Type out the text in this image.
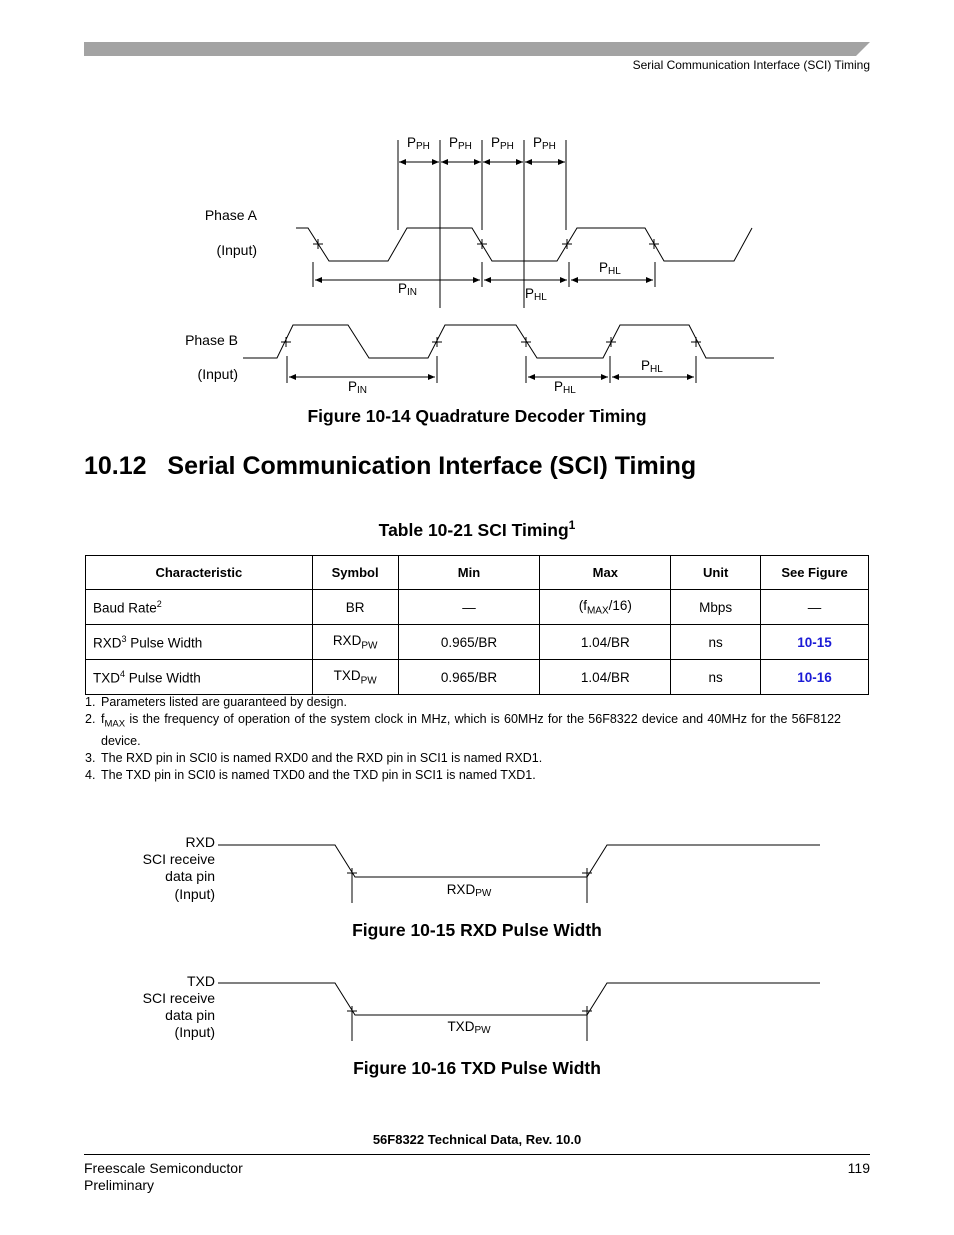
Serial Communication Interface (SCI) Timing
Phase A
(Input)
Phase B
(Input)
PPH PPH PPH PPH
PIN	PHL
PHL
PIN	PHL
PHL
Figure 10-14 Quadrature Decoder Timing
10.12   Serial Communication Interface (SCI) Timing
Table 10-21 SCI Timing$^1$
Characteristic	Symbol	Min	Max	Unit	See Figure
Baud Rate$^2$	BR	—	$(f_{MAX}/16)$	Mbps	—
RXD$^3$ Pulse Width	$RXD_{PW}$	0.965/BR	1.04/BR	ns	10-15
TXD$^4$ Pulse Width	$TXD_{PW}$	0.965/BR	1.04/BR	ns	10-16
1. Parameters listed are guaranteed by design.
2. $f_{MAX}$ is the frequency of operation of the system clock in MHz, which is 60MHz for the 56F8322 device and 40MHz for the 56F8122 device.
3. The RXD pin in SCI0 is named RXD0 and the RXD pin in SCI1 is named RXD1.
4. The TXD pin in SCI0 is named TXD0 and the TXD pin in SCI1 is named TXD1.
RXD
SCI receive
data pin
(Input)	RXDPW
Figure 10-15 RXD Pulse Width
TXD
SCI receive
data pin
(Input)	TXDPW
Figure 10-16 TXD Pulse Width
56F8322 Technical Data, Rev. 10.0
Freescale Semiconductor
Preliminary
119
